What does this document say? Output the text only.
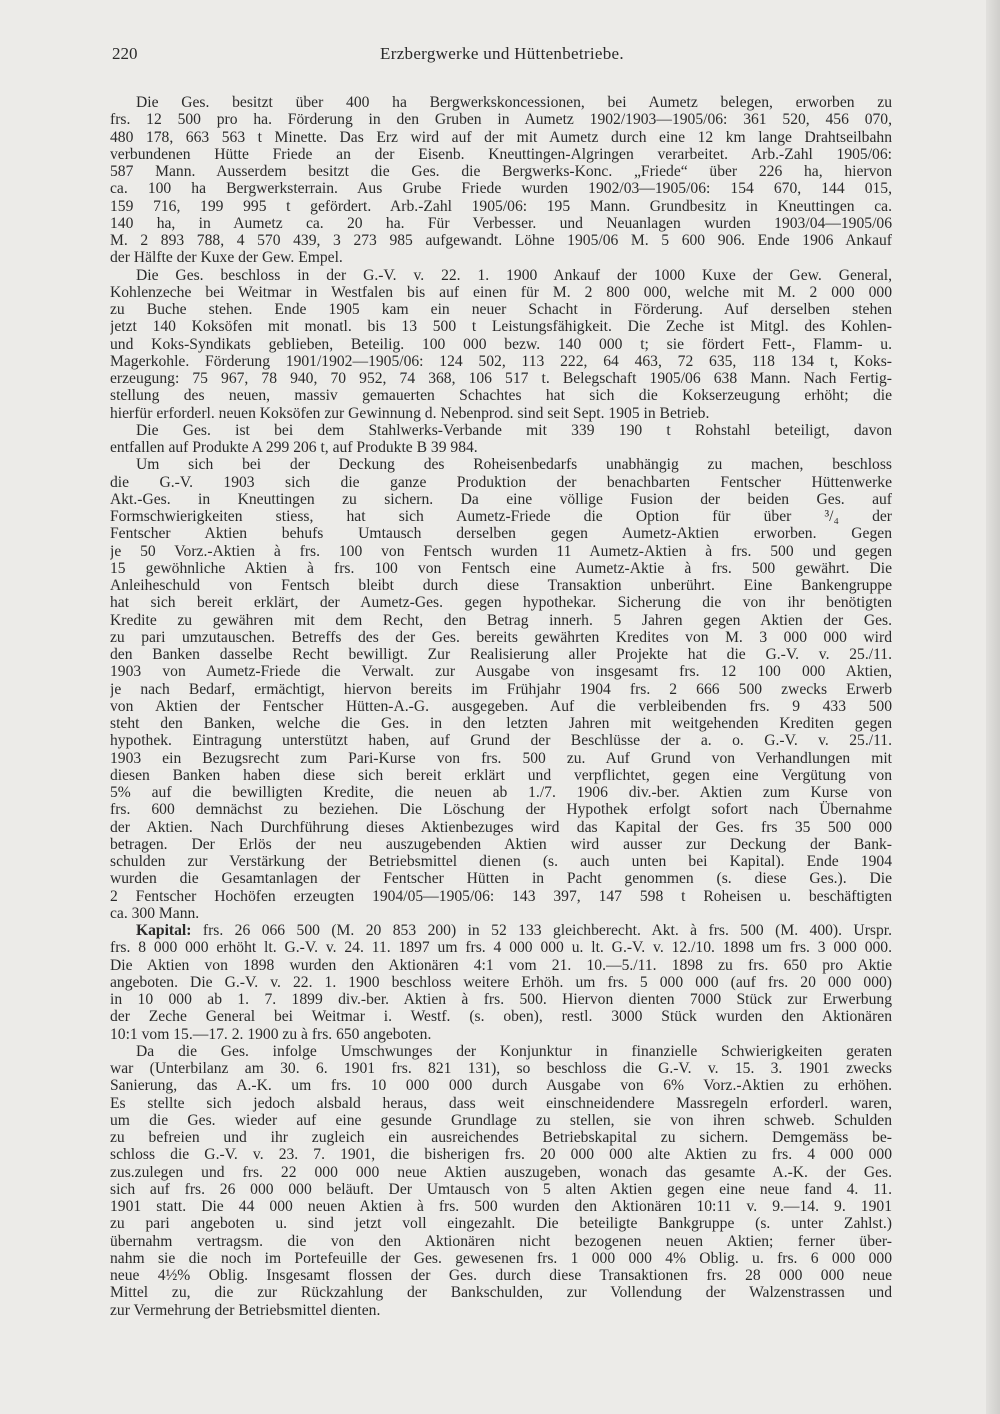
220	Erzbergwerke und Hüttenbetriebe.
Die Ges. besitzt über 400 ha Bergwerkskoncessionen, bei Aumetz belegen, erworben zu
frs. 12 500 pro ha. Förderung in den Gruben in Aumetz 1902/1903—1905/06: 361 520, 456 070,
480 178, 663 563 t Minette. Das Erz wird auf der mit Aumetz durch eine 12 km lange Drahtseilbahn
verbundenen Hütte Friede an der Eisenb. Kneuttingen-Algringen verarbeitet. Arb.-Zahl 1905/06:
587 Mann. Ausserdem besitzt die Ges. die Bergwerks-Konc. „Friede“ über 226 ha, hiervon
ca. 100 ha Bergwerksterrain. Aus Grube Friede wurden 1902/03—1905/06: 154 670, 144 015,
159 716, 199 995 t gefördert. Arb.-Zahl 1905/06: 195 Mann. Grundbesitz in Kneuttingen ca.
140 ha, in Aumetz ca. 20 ha. Für Verbesser. und Neuanlagen wurden 1903/04—1905/06
M. 2 893 788, 4 570 439, 3 273 985 aufgewandt. Löhne 1905/06 M. 5 600 906. Ende 1906 Ankauf
der Hälfte der Kuxe der Gew. Empel.
Die Ges. beschloss in der G.-V. v. 22. 1. 1900 Ankauf der 1000 Kuxe der Gew. General,
Kohlenzeche bei Weitmar in Westfalen bis auf einen für M. 2 800 000, welche mit M. 2 000 000
zu Buche stehen. Ende 1905 kam ein neuer Schacht in Förderung. Auf derselben stehen
jetzt 140 Koksöfen mit monatl. bis 13 500 t Leistungsfähigkeit. Die Zeche ist Mitgl. des Kohlen-
und Koks-Syndikats geblieben, Beteilig. 100 000 bezw. 140 000 t; sie fördert Fett-, Flamm- u.
Magerkohle. Förderung 1901/1902—1905/06: 124 502, 113 222, 64 463, 72 635, 118 134 t, Koks-
erzeugung: 75 967, 78 940, 70 952, 74 368, 106 517 t. Belegschaft 1905/06 638 Mann. Nach Fertig-
stellung des neuen, massiv gemauerten Schachtes hat sich die Kokserzeugung erhöht; die
hierfür erforderl. neuen Koksöfen zur Gewinnung d. Nebenprod. sind seit Sept. 1905 in Betrieb.
Die Ges. ist bei dem Stahlwerks-Verbande mit 339 190 t Rohstahl beteiligt, davon
entfallen auf Produkte A 299 206 t, auf Produkte B 39 984.
Um sich bei der Deckung des Roheisenbedarfs unabhängig zu machen, beschloss
die G.-V. 1903 sich die ganze Produktion der benachbarten Fentscher Hüttenwerke
Akt.-Ges. in Kneuttingen zu sichern. Da eine völlige Fusion der beiden Ges. auf
Formschwierigkeiten stiess, hat sich Aumetz-Friede die Option für über ³/₄ der
Fentscher Aktien behufs Umtausch derselben gegen Aumetz-Aktien erworben. Gegen
je 50 Vorz.-Aktien à frs. 100 von Fentsch wurden 11 Aumetz-Aktien à frs. 500 und gegen
15 gewöhnliche Aktien à frs. 100 von Fentsch eine Aumetz-Aktie à frs. 500 gewährt. Die
Anleiheschuld von Fentsch bleibt durch diese Transaktion unberührt. Eine Bankengruppe
hat sich bereit erklärt, der Aumetz-Ges. gegen hypothekar. Sicherung die von ihr benötigten
Kredite zu gewähren mit dem Recht, den Betrag innerh. 5 Jahren gegen Aktien der Ges.
zu pari umzutauschen. Betreffs des der Ges. bereits gewährten Kredites von M. 3 000 000 wird
den Banken dasselbe Recht bewilligt. Zur Realisierung aller Projekte hat die G.-V. v. 25./11.
1903 von Aumetz-Friede die Verwalt. zur Ausgabe von insgesamt frs. 12 100 000 Aktien,
je nach Bedarf, ermächtigt, hiervon bereits im Frühjahr 1904 frs. 2 666 500 zwecks Erwerb
von Aktien der Fentscher Hütten-A.-G. ausgegeben. Auf die verbleibenden frs. 9 433 500
steht den Banken, welche die Ges. in den letzten Jahren mit weitgehenden Krediten gegen
hypothek. Eintragung unterstützt haben, auf Grund der Beschlüsse der a. o. G.-V. v. 25./11.
1903 ein Bezugsrecht zum Pari-Kurse von frs. 500 zu. Auf Grund von Verhandlungen mit
diesen Banken haben diese sich bereit erklärt und verpflichtet, gegen eine Vergütung von
5% auf die bewilligten Kredite, die neuen ab 1./7. 1906 div.-ber. Aktien zum Kurse von
frs. 600 demnächst zu beziehen. Die Löschung der Hypothek erfolgt sofort nach Übernahme
der Aktien. Nach Durchführung dieses Aktienbezuges wird das Kapital der Ges. frs 35 500 000
betragen. Der Erlös der neu auszugebenden Aktien wird ausser zur Deckung der Bank-
schulden zur Verstärkung der Betriebsmittel dienen (s. auch unten bei Kapital). Ende 1904
wurden die Gesamtanlagen der Fentscher Hütten in Pacht genommen (s. diese Ges.). Die
2 Fentscher Hochöfen erzeugten 1904/05—1905/06: 143 397, 147 598 t Roheisen u. beschäftigten
ca. 300 Mann.
Kapital: frs. 26 066 500 (M. 20 853 200) in 52 133 gleichberecht. Akt. à frs. 500 (M. 400). Urspr.
frs. 8 000 000 erhöht lt. G.-V. v. 24. 11. 1897 um frs. 4 000 000 u. lt. G.-V. v. 12./10. 1898 um frs. 3 000 000.
Die Aktien von 1898 wurden den Aktionären 4:1 vom 21. 10.—5./11. 1898 zu frs. 650 pro Aktie
angeboten. Die G.-V. v. 22. 1. 1900 beschloss weitere Erhöh. um frs. 5 000 000 (auf frs. 20 000 000)
in 10 000 ab 1. 7. 1899 div.-ber. Aktien à frs. 500. Hiervon dienten 7000 Stück zur Erwerbung
der Zeche General bei Weitmar i. Westf. (s. oben), restl. 3000 Stück wurden den Aktionären
10:1 vom 15.—17. 2. 1900 zu à frs. 650 angeboten.
Da die Ges. infolge Umschwunges der Konjunktur in finanzielle Schwierigkeiten geraten
war (Unterbilanz am 30. 6. 1901 frs. 821 131), so beschloss die G.-V. v. 15. 3. 1901 zwecks
Sanierung, das A.-K. um frs. 10 000 000 durch Ausgabe von 6% Vorz.-Aktien zu erhöhen.
Es stellte sich jedoch alsbald heraus, dass weit einschneidendere Massregeln erforderl. waren,
um die Ges. wieder auf eine gesunde Grundlage zu stellen, sie von ihren schweb. Schulden
zu befreien und ihr zugleich ein ausreichendes Betriebskapital zu sichern. Demgemäss be-
schloss die G.-V. v. 23. 7. 1901, die bisherigen frs. 20 000 000 alte Aktien zu frs. 4 000 000
zus.zulegen und frs. 22 000 000 neue Aktien auszugeben, wonach das gesamte A.-K. der Ges.
sich auf frs. 26 000 000 beläuft. Der Umtausch von 5 alten Aktien gegen eine neue fand 4. 11.
1901 statt. Die 44 000 neuen Aktien à frs. 500 wurden den Aktionären 10:11 v. 9.—14. 9. 1901
zu pari angeboten u. sind jetzt voll eingezahlt. Die beteiligte Bankgruppe (s. unter Zahlst.)
übernahm vertragsm. die von den Aktionären nicht bezogenen neuen Aktien; ferner über-
nahm sie die noch im Portefeuille der Ges. gewesenen frs. 1 000 000 4% Oblig. u. frs. 6 000 000
neue 4½% Oblig. Insgesamt flossen der Ges. durch diese Transaktionen frs. 28 000 000 neue
Mittel zu, die zur Rückzahlung der Bankschulden, zur Vollendung der Walzenstrassen und
zur Vermehrung der Betriebsmittel dienten.
